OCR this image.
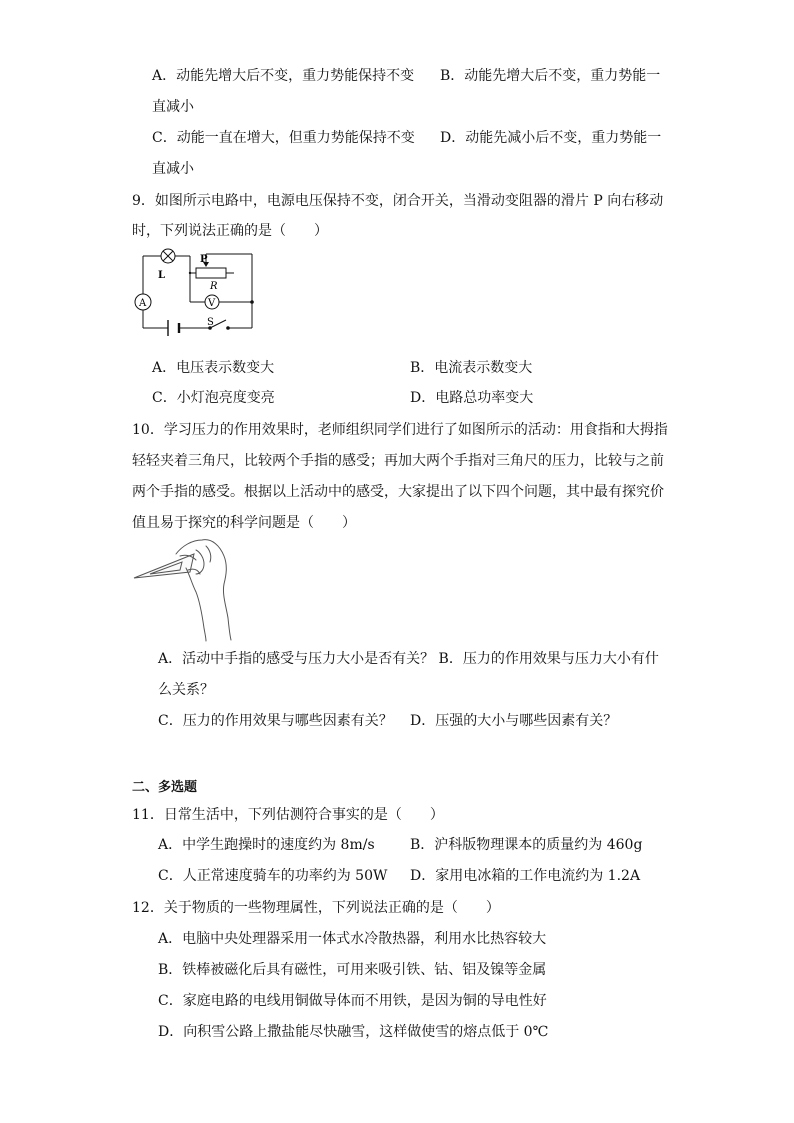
A．动能先增大后不变，重力势能保持不变 B．动能先增大后不变，重力势能一
直减小
C．动能一直在增大，但重力势能保持不变 D．动能先减小后不变，重力势能一
直减小
9．如图所示电路中，电源电压保持不变，闭合开关，当滑动变阻器的滑片 P 向右移动
时，下列说法正确的是（　　）
P
R
L
A	V
S
A．电压表示数变大	B．电流表示数变大
C．小灯泡亮度变亮	D．电路总功率变大
10．学习压力的作用效果时，老师组织同学们进行了如图所示的活动：用食指和大拇指
轻轻夹着三角尺，比较两个手指的感受；再加大两个手指对三角尺的压力，比较与之前
两个手指的感受。根据以上活动中的感受，大家提出了以下四个问题，其中最有探究价
值且易于探究的科学问题是（　　）
A．活动中手指的感受与压力大小是否有关？ B．压力的作用效果与压力大小有什
么关系？
C．压力的作用效果与哪些因素有关？ D．压强的大小与哪些因素有关？
二、多选题
11．日常生活中，下列估测符合事实的是（　　）
A．中学生跑操时的速度约为 8m/s	B．沪科版物理课本的质量约为 460g
C．人正常速度骑车的功率约为 50W D．家用电冰箱的工作电流约为 1.2A
12．关于物质的一些物理属性，下列说法正确的是（　　）
A．电脑中央处理器采用一体式水冷散热器，利用水比热容较大
B．铁棒被磁化后具有磁性，可用来吸引铁、钴、铝及镍等金属
C．家庭电路的电线用铜做导体而不用铁，是因为铜的导电性好
D．向积雪公路上撒盐能尽快融雪，这样做使雪的熔点低于 0℃
